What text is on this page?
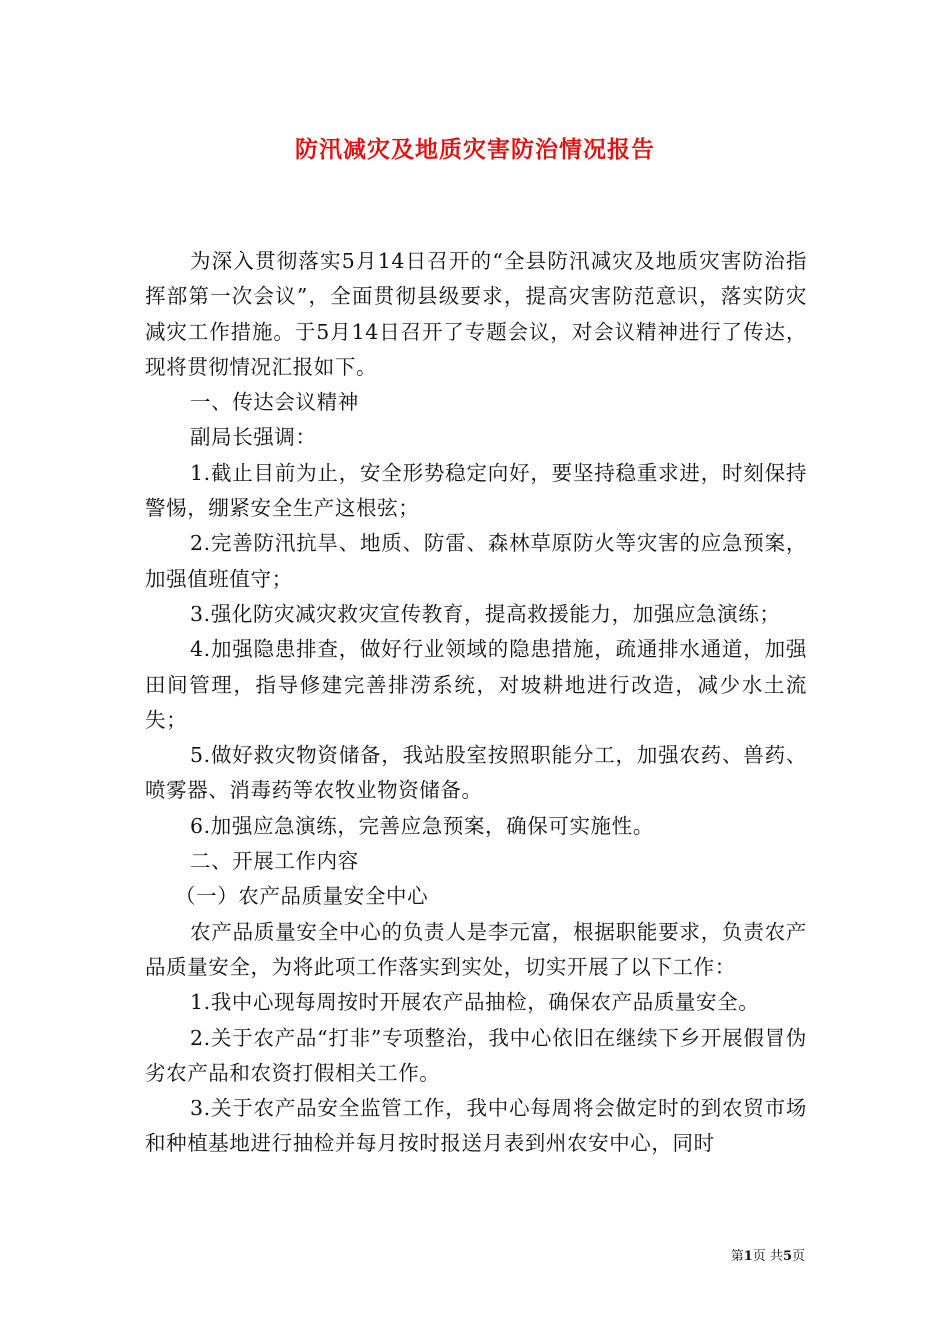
防汛减灾及地质灾害防治情况报告

为深入贯彻落实5月14日召开的“全县防汛减灾及地质灾害防治指挥部第一次会议”，全面贯彻县级要求，提高灾害防范意识，落实防灾减灾工作措施。于5月14日召开了专题会议，对会议精神进行了传达，现将贯彻情况汇报如下。

一、传达会议精神

副局长强调：

1.截止目前为止，安全形势稳定向好，要坚持稳重求进，时刻保持警惕，绷紧安全生产这根弦；

2.完善防汛抗旱、地质、防雷、森林草原防火等灾害的应急预案，加强值班值守；

3.强化防灾减灾救灾宣传教育，提高救援能力，加强应急演练；

4.加强隐患排查，做好行业领域的隐患措施，疏通排水通道，加强田间管理，指导修建完善排涝系统，对坡耕地进行改造，减少水土流失；

5.做好救灾物资储备，我站股室按照职能分工，加强农药、兽药、喷雾器、消毒药等农牧业物资储备。

6.加强应急演练，完善应急预案，确保可实施性。

二、开展工作内容

（一）农产品质量安全中心

农产品质量安全中心的负责人是李元富，根据职能要求，负责农产品质量安全，为将此项工作落实到实处，切实开展了以下工作：

1.我中心现每周按时开展农产品抽检，确保农产品质量安全。

2.关于农产品“打非”专项整治，我中心依旧在继续下乡开展假冒伪劣农产品和农资打假相关工作。

3.关于农产品安全监管工作，我中心每周将会做定时的到农贸市场和种植基地进行抽检并每月按时报送月表到州农安中心，同时

第1页 共5页
